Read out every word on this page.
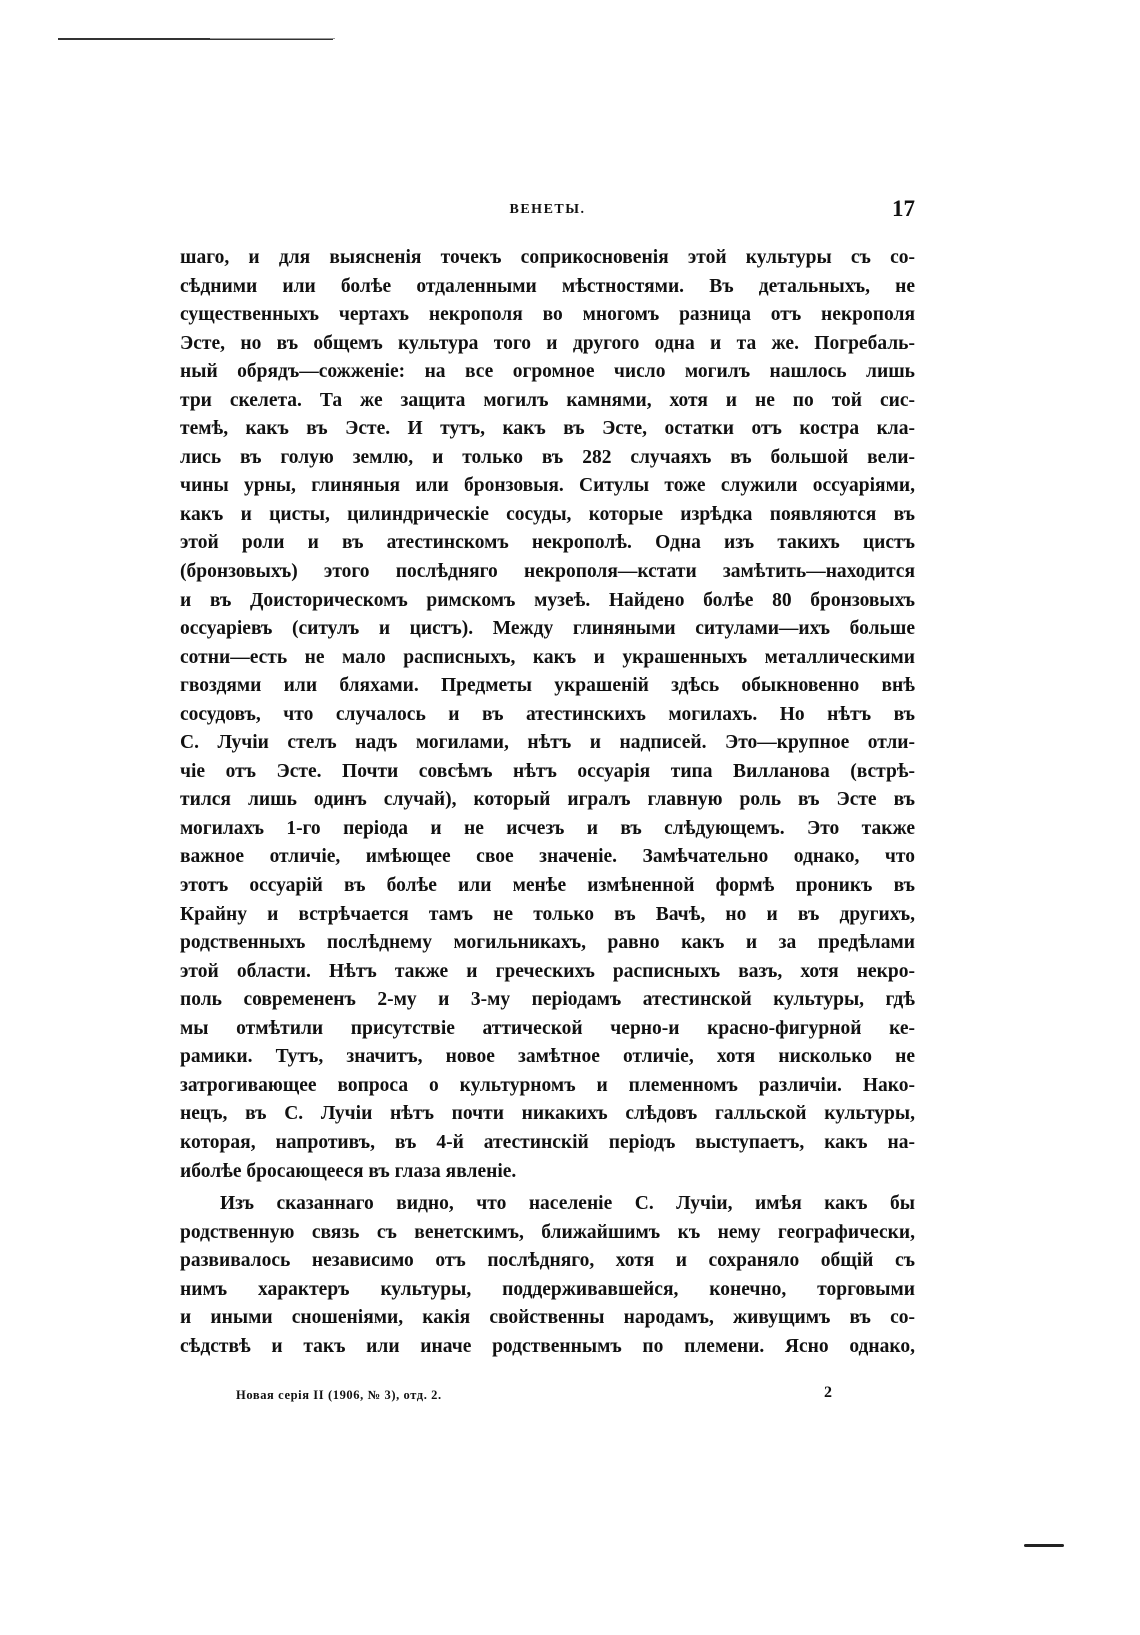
ВЕНЕТЫ.	17
шаго, и для выясненія точекъ соприкосновенія этой культуры съ со-
сѣдними или болѣе отдаленными мѣстностями. Въ детальныхъ, не
существенныхъ чертахъ некрополя во многомъ разница отъ некрополя
Эсте, но въ общемъ культура того и другого одна и та же. Погребаль-
ный обрядъ—сожженіе: на все огромное число могилъ нашлось лишь
три скелета. Та же защита могилъ камнями, хотя и не по той сис-
темѣ, какъ въ Эсте. И тутъ, какъ въ Эсте, остатки отъ костра кла-
лись въ голую землю, и только въ 282 случаяхъ въ большой вели-
чины урны, глиняныя или бронзовыя. Ситулы тоже служили оссуаріями,
какъ и цисты, цилиндрическіе сосуды, которые изрѣдка появляются въ
этой роли и въ атестинскомъ некрополѣ. Одна изъ такихъ цистъ
(бронзовыхъ) этого послѣдняго некрополя—кстати замѣтить—находится
и въ Доисторическомъ римскомъ музеѣ. Найдено болѣе 80 бронзовыхъ
оссуаріевъ (ситулъ и цистъ). Между глиняными ситулами—ихъ больше
сотни—есть не мало расписныхъ, какъ и украшенныхъ металлическими
гвоздями или бляхами. Предметы украшеній здѣсь обыкновенно внѣ
сосудовъ, что случалось и въ атестинскихъ могилахъ. Но нѣтъ въ
С. Лучіи стелъ надъ могилами, нѣтъ и надписей. Это—крупное отли-
чіе отъ Эсте. Почти совсѣмъ нѣтъ оссуарія типа Вилланова (встрѣ-
тился лишь одинъ случай), который игралъ главную роль въ Эсте въ
могилахъ 1-го періода и не исчезъ и въ слѣдующемъ. Это также
важное отличіе, имѣющее свое значеніе. Замѣчательно однако, что
этотъ оссуарій въ болѣе или менѣе измѣненной формѣ проникъ въ
Крайну и встрѣчается тамъ не только въ Вачѣ, но и въ другихъ,
родственныхъ послѣднему могильникахъ, равно какъ и за предѣлами
этой области. Нѣтъ также и греческихъ расписныхъ вазъ, хотя некро-
поль современенъ 2-му и 3-му періодамъ атестинской культуры, гдѣ
мы отмѣтили присутствіе аттической черно-и красно-фигурной ке-
рамики. Тутъ, значитъ, новое замѣтное отличіе, хотя нисколько не
затрогивающее вопроса о культурномъ и племенномъ различіи. Нако-
нецъ, въ С. Лучіи нѣтъ почти никакихъ слѣдовъ галльской культуры,
которая, напротивъ, въ 4-й атестинскій періодъ выступаетъ, какъ на-
иболѣе бросающееся въ глаза явленіе.
Изъ сказаннаго видно, что населеніе С. Лучіи, имѣя какъ бы
родственную связь съ венетскимъ, ближайшимъ къ нему географически,
развивалось независимо отъ послѣдняго, хотя и сохраняло общій съ
нимъ характеръ культуры, поддерживавшейся, конечно, торговыми
и иными сношеніями, какія свойственны народамъ, живущимъ въ со-
сѣдствѣ и такъ или иначе родственнымъ по племени. Ясно однако,
Новая серія II (1906, № 3), отд. 2.	2
